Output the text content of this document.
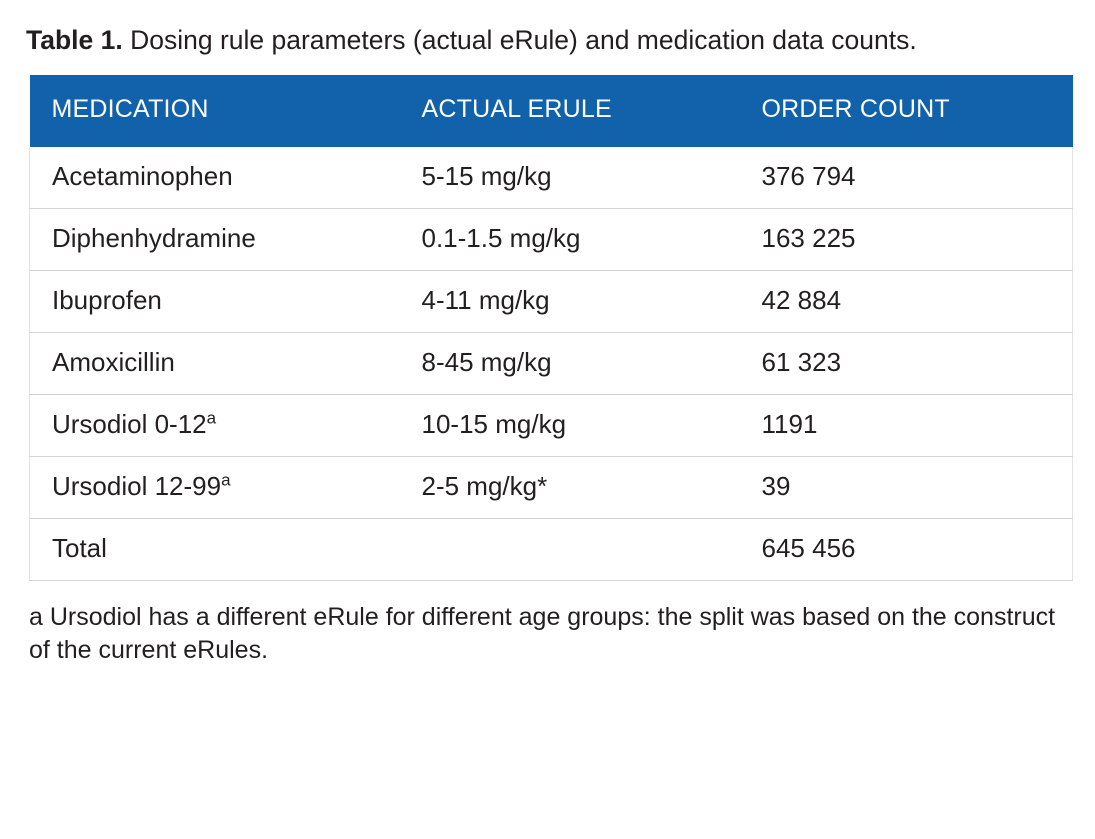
Table 1. Dosing rule parameters (actual eRule) and medication data counts.

MEDICATION	ACTUAL ERULE	ORDER COUNT
Acetaminophen	5-15 mg/kg	376 794
Diphenhydramine	0.1-1.5 mg/kg	163 225
Ibuprofen	4-11 mg/kg	42 884
Amoxicillin	8-45 mg/kg	61 323
Ursodiol 0-12$^a$	10-15 mg/kg	1191
Ursodiol 12-99$^a$	2-5 mg/kg*	39
Total		645 456

a Ursodiol has a different eRule for different age groups: the split was based on the construct of the current eRules.
